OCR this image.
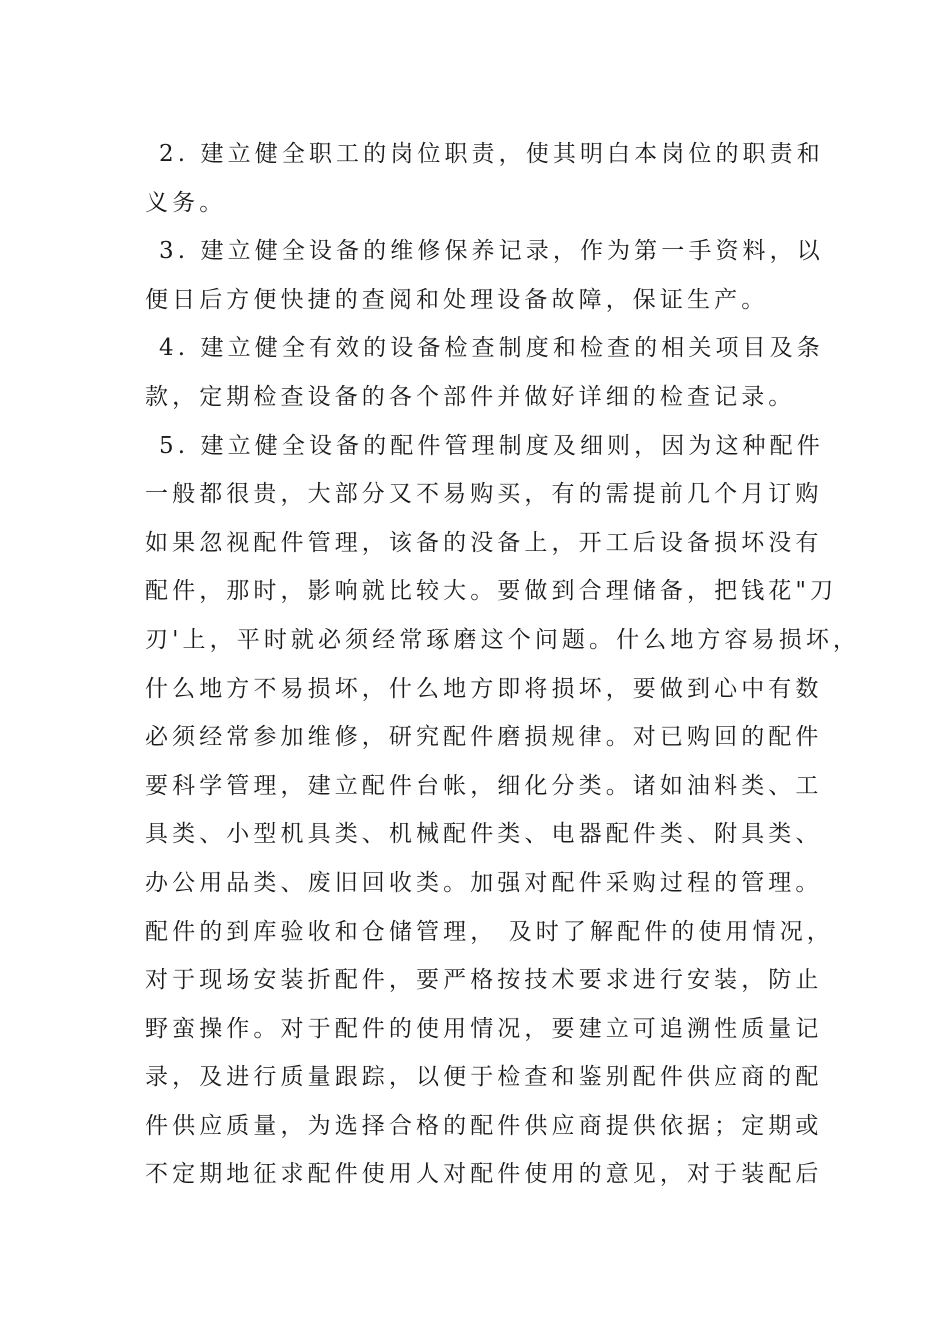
2. 建立健全职工的岗位职责，使其明白本岗位的职责和
义务。
3. 建立健全设备的维修保养记录，作为第一手资料，以
便日后方便快捷的查阅和处理设备故障，保证生产。
4. 建立健全有效的设备检查制度和检查的相关项目及条
款，定期检查设备的各个部件并做好详细的检查记录。
5. 建立健全设备的配件管理制度及细则，因为这种配件
一般都很贵，大部分又不易购买，有的需提前几个月订购
如果忽视配件管理，该备的没备上，开工后设备损坏没有
配件，那时，影响就比较大。要做到合理储备，把钱花"刀
刃'上，平时就必须经常琢磨这个问题。什么地方容易损坏，
什么地方不易损坏，什么地方即将损坏，要做到心中有数
必须经常参加维修，研究配件磨损规律。对已购回的配件
要科学管理，建立配件台帐，细化分类。诸如油料类、工
具类、小型机具类、机械配件类、电器配件类、附具类、
办公用品类、废旧回收类。加强对配件采购过程的管理。
配件的到库验收和仓储管理， 及时了解配件的使用情况，
对于现场安装折配件，要严格按技术要求进行安装，防止
野蛮操作。对于配件的使用情况，要建立可追溯性质量记
录，及进行质量跟踪，以便于检查和鉴别配件供应商的配
件供应质量，为选择合格的配件供应商提供依据；定期或
不定期地征求配件使用人对配件使用的意见，对于装配后
